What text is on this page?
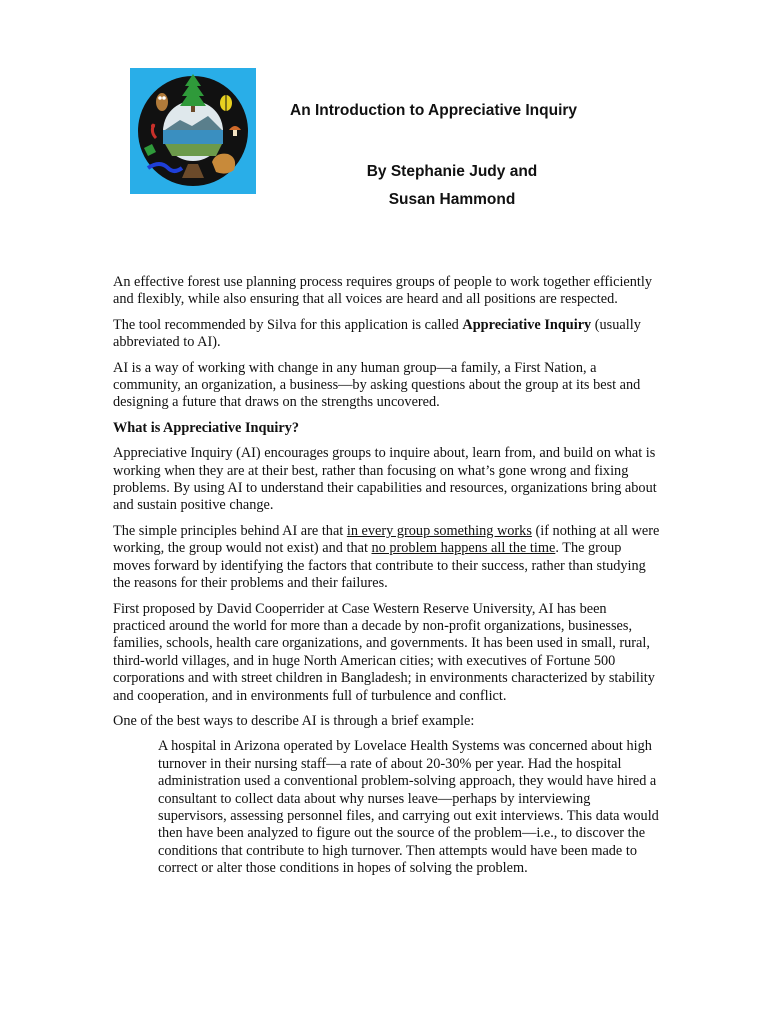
An Introduction to Appreciative Inquiry
By Stephanie Judy and
Susan Hammond

An effective forest use planning process requires groups of people to work together efficiently and flexibly, while also ensuring that all voices are heard and all positions are respected.

The tool recommended by Silva for this application is called Appreciative Inquiry (usually abbreviated to AI).

AI is a way of working with change in any human group—a family, a First Nation, a community, an organization, a business—by asking questions about the group at its best and designing a future that draws on the strengths uncovered.

What is Appreciative Inquiry?

Appreciative Inquiry (AI) encourages groups to inquire about, learn from, and build on what is working when they are at their best, rather than focusing on what’s gone wrong and fixing problems. By using AI to understand their capabilities and resources, organizations bring about and sustain positive change.

The simple principles behind AI are that in every group something works (if nothing at all were working, the group would not exist) and that no problem happens all the time. The group moves forward by identifying the factors that contribute to their success, rather than studying the reasons for their problems and their failures.

First proposed by David Cooperrider at Case Western Reserve University, AI has been practiced around the world for more than a decade by non-profit organizations, businesses, families, schools, health care organizations, and governments. It has been used in small, rural, third-world villages, and in huge North American cities; with executives of Fortune 500 corporations and with street children in Bangladesh; in environments characterized by stability and cooperation, and in environments full of turbulence and conflict.

One of the best ways to describe AI is through a brief example:

A hospital in Arizona operated by Lovelace Health Systems was concerned about high turnover in their nursing staff—a rate of about 20-30% per year. Had the hospital administration used a conventional problem-solving approach, they would have hired a consultant to collect data about why nurses leave—perhaps by interviewing supervisors, assessing personnel files, and carrying out exit interviews. This data would then have been analyzed to figure out the source of the problem—i.e., to discover the conditions that contribute to high turnover. Then attempts would have been made to correct or alter those conditions in hopes of solving the problem.
